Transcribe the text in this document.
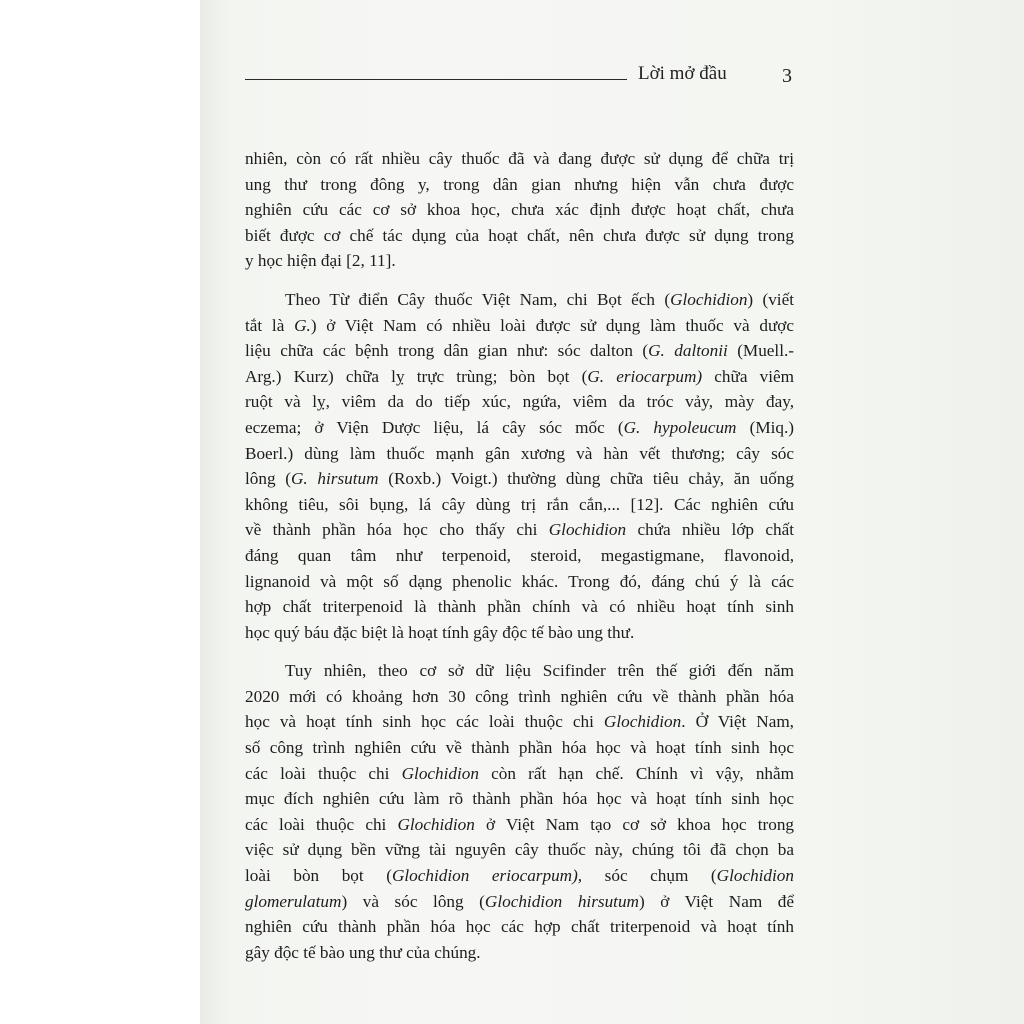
Lời mở đầu	3
nhiên, còn có rất nhiều cây thuốc đã và đang được sử dụng để chữa trị
ung thư trong đông y, trong dân gian nhưng hiện vẫn chưa được
nghiên cứu các cơ sở khoa học, chưa xác định được hoạt chất, chưa
biết được cơ chế tác dụng của hoạt chất, nên chưa được sử dụng trong
y học hiện đại [2, 11].
Theo Từ điển Cây thuốc Việt Nam, chi Bọt ếch (Glochidion) (viết
tắt là G.) ở Việt Nam có nhiều loài được sử dụng làm thuốc và dược
liệu chữa các bệnh trong dân gian như: sóc dalton (G. daltonii (Muell.-
Arg.) Kurz) chữa lỵ trực trùng; bòn bọt (G. eriocarpum) chữa viêm
ruột và lỵ, viêm da do tiếp xúc, ngứa, viêm da tróc vảy, mày đay,
eczema; ở Viện Dược liệu, lá cây sóc mốc (G. hypoleucum (Miq.)
Boerl.) dùng làm thuốc mạnh gân xương và hàn vết thương; cây sóc
lông (G. hirsutum (Roxb.) Voigt.) thường dùng chữa tiêu chảy, ăn uống
không tiêu, sôi bụng, lá cây dùng trị rắn cắn,... [12]. Các nghiên cứu
về thành phần hóa học cho thấy chi Glochidion chứa nhiều lớp chất
đáng quan tâm như terpenoid, steroid, megastigmane, flavonoid,
lignanoid và một số dạng phenolic khác. Trong đó, đáng chú ý là các
hợp chất triterpenoid là thành phần chính và có nhiều hoạt tính sinh
học quý báu đặc biệt là hoạt tính gây độc tế bào ung thư.
Tuy nhiên, theo cơ sở dữ liệu Scifinder trên thế giới đến năm
2020 mới có khoảng hơn 30 công trình nghiên cứu về thành phần hóa
học và hoạt tính sinh học các loài thuộc chi Glochidion. Ở Việt Nam,
số công trình nghiên cứu về thành phần hóa học và hoạt tính sinh học
các loài thuộc chi Glochidion còn rất hạn chế. Chính vì vậy, nhằm
mục đích nghiên cứu làm rõ thành phần hóa học và hoạt tính sinh học
các loài thuộc chi Glochidion ở Việt Nam tạo cơ sở khoa học trong
việc sử dụng bền vững tài nguyên cây thuốc này, chúng tôi đã chọn ba
loài bòn bọt (Glochidion eriocarpum), sóc chụm (Glochidion
glomerulatum) và sóc lông (Glochidion hirsutum) ở Việt Nam để
nghiên cứu thành phần hóa học các hợp chất triterpenoid và hoạt tính
gây độc tế bào ung thư của chúng.
